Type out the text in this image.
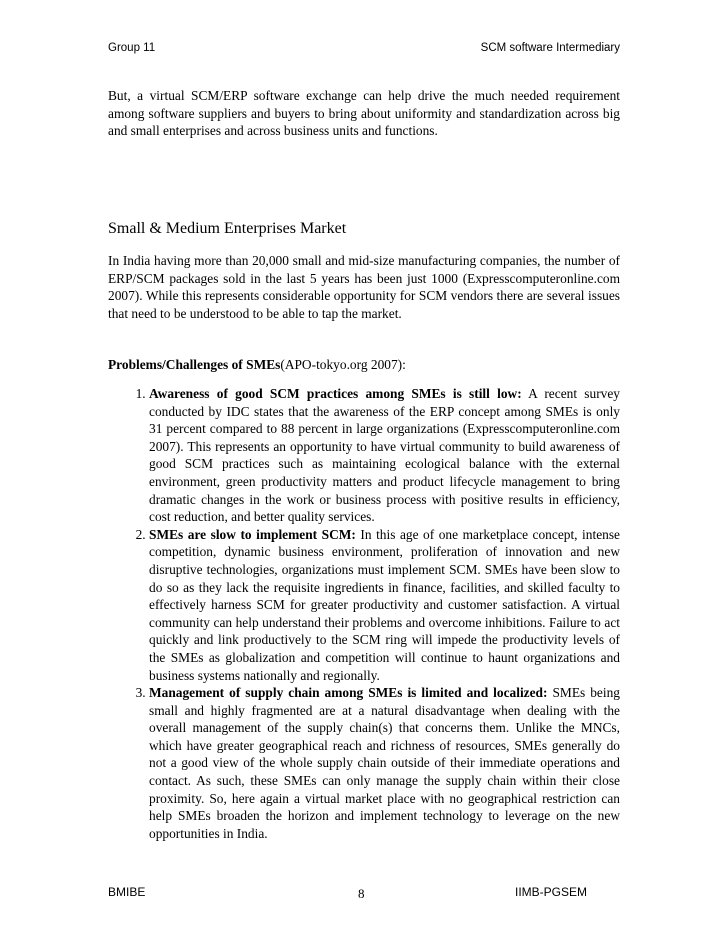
Group 11	SCM software Intermediary

But, a virtual SCM/ERP software exchange can help drive the much needed requirement among software suppliers and buyers to bring about uniformity and standardization across big and small enterprises and across business units and functions.

Small & Medium Enterprises Market

In India having more than 20,000 small and mid-size manufacturing companies, the number of ERP/SCM packages sold in the last 5 years has been just 1000 (Expresscomputeronline.com 2007). While this represents considerable opportunity for SCM vendors there are several issues that need to be understood to be able to tap the market.

Problems/Challenges of SMEs(APO-tokyo.org 2007):
1. Awareness of good SCM practices among SMEs is still low: A recent survey conducted by IDC states that the awareness of the ERP concept among SMEs is only 31 percent compared to 88 percent in large organizations (Expresscomputeronline.com 2007). This represents an opportunity to have virtual community to build awareness of good SCM practices such as maintaining ecological balance with the external environment, green productivity matters and product lifecycle management to bring dramatic changes in the work or business process with positive results in efficiency, cost reduction, and better quality services.
2. SMEs are slow to implement SCM: In this age of one marketplace concept, intense competition, dynamic business environment, proliferation of innovation and new disruptive technologies, organizations must implement SCM. SMEs have been slow to do so as they lack the requisite ingredients in finance, facilities, and skilled faculty to effectively harness SCM for greater productivity and customer satisfaction. A virtual community can help understand their problems and overcome inhibitions. Failure to act quickly and link productively to the SCM ring will impede the productivity levels of the SMEs as globalization and competition will continue to haunt organizations and business systems nationally and regionally.
3. Management of supply chain among SMEs is limited and localized: SMEs being small and highly fragmented are at a natural disadvantage when dealing with the overall management of the supply chain(s) that concerns them. Unlike the MNCs, which have greater geographical reach and richness of resources, SMEs generally do not a good view of the whole supply chain outside of their immediate operations and contact. As such, these SMEs can only manage the supply chain within their close proximity. So, here again a virtual market place with no geographical restriction can help SMEs broaden the horizon and implement technology to leverage on the new opportunities in India.
BMIBE	8	IIMB-PGSEM
